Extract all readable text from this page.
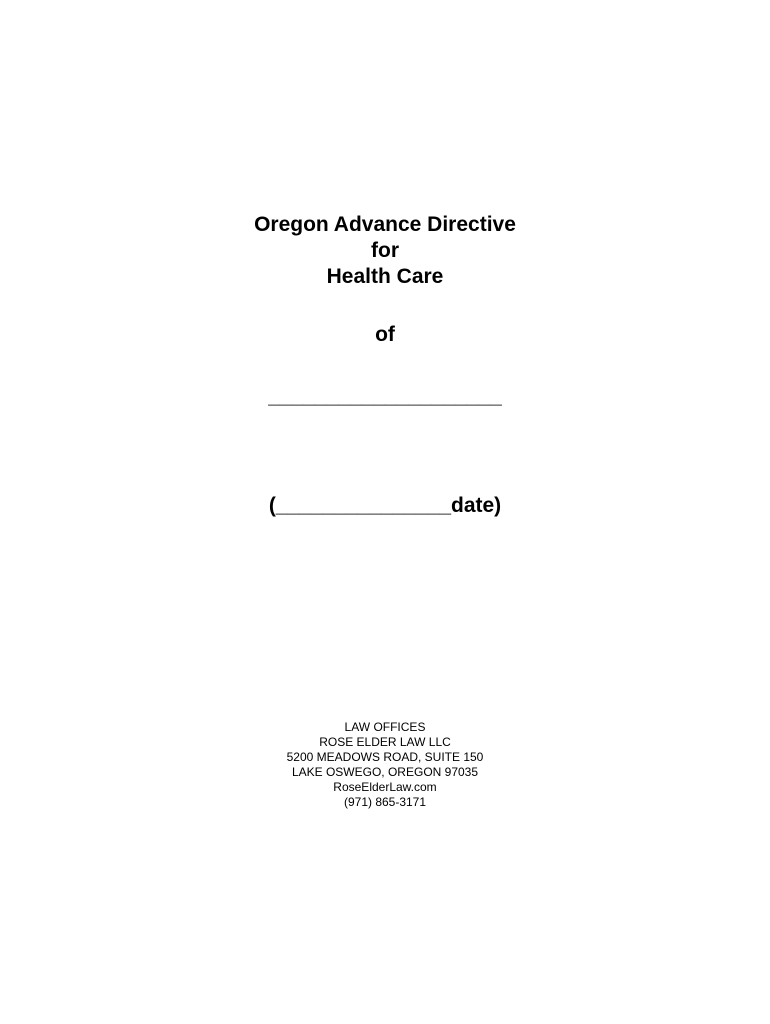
Oregon Advance Directive
for
Health Care
of
____________________
(_______________date)
LAW OFFICES
ROSE ELDER LAW LLC
5200 MEADOWS ROAD, SUITE 150
LAKE OSWEGO, OREGON 97035
RoseElderLaw.com
(971) 865-3171
